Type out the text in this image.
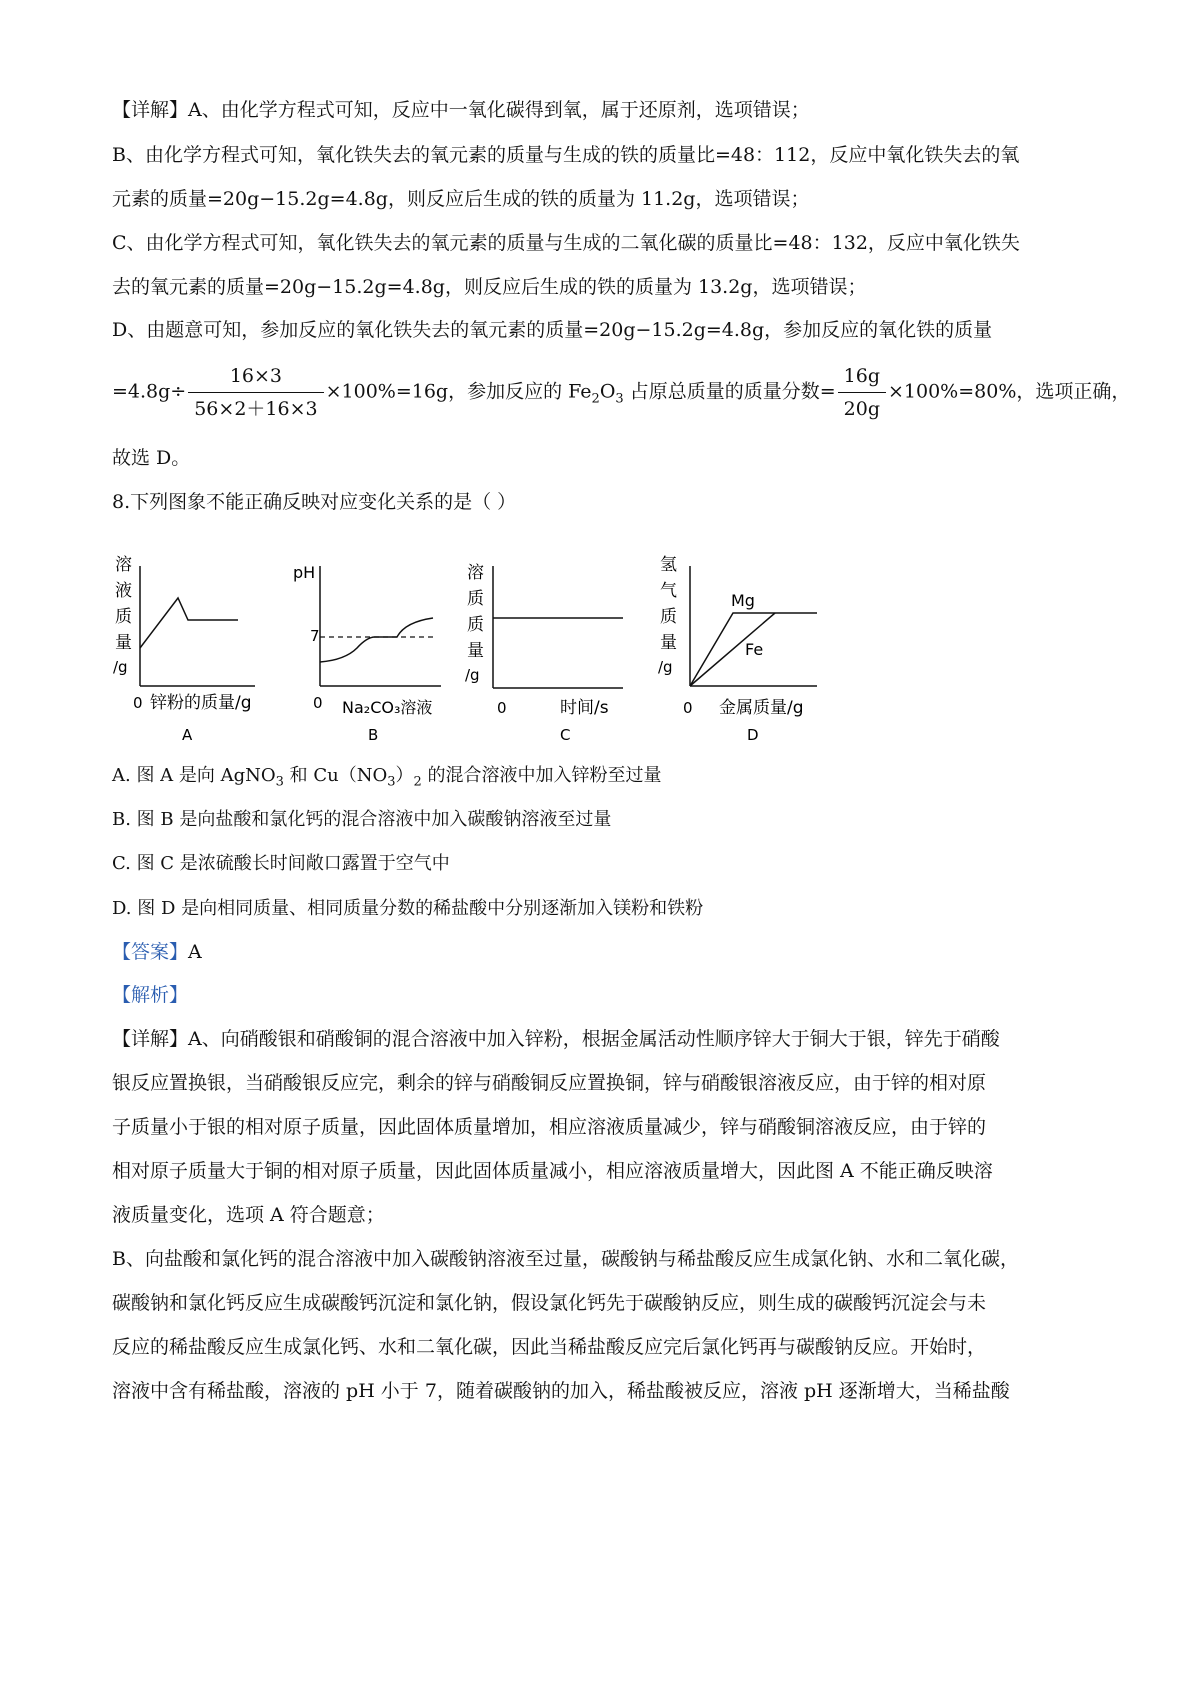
【详解】A、由化学方程式可知，反应中一氧化碳得到氧，属于还原剂，选项错误；
B、由化学方程式可知，氧化铁失去的氧元素的质量与生成的铁的质量比=48：112，反应中氧化铁失去的氧
元素的质量=20g−15.2g=4.8g，则反应后生成的铁的质量为 11.2g，选项错误；
C、由化学方程式可知，氧化铁失去的氧元素的质量与生成的二氧化碳的质量比=48：132，反应中氧化铁失
去的氧元素的质量=20g−15.2g=4.8g，则反应后生成的铁的质量为 13.2g，选项错误；
D、由题意可知，参加反应的氧化铁失去的氧元素的质量=20g−15.2g=4.8g，参加反应的氧化铁的质量
$=4.8g\div \frac{16\times 3}{56\times 2+16\times 3} \times 100\%=16g$，参加反应的 $Fe_2O_3$ 占原总质量的质量分数= $\frac{16g}{20g} \times 100\%=80\%$，选项正确，
故选 D。
8.下列图象不能正确反映对应变化关系的是（ ）
溶
液
质
量
/g
0 锌粉的质量/g
A
pH
7
0 Na₂CO₃溶液
B
溶
质
质
量
/g
0	时间/s
C
氢
气
质
量
/g
Mg
Fe
0 金属质量/g
D
A. 图 A 是向 AgNO$_3$ 和 $Cu(NO_3)_2$ 的混合溶液中加入锌粉至过量
B. 图 B 是向盐酸和氯化钙的混合溶液中加入碳酸钠溶液至过量
C. 图 C 是浓硫酸长时间敞口露置于空气中
D. 图 D 是向相同质量、相同质量分数的稀盐酸中分别逐渐加入镁粉和铁粉
【答案】A
【解析】
【详解】A、向硝酸银和硝酸铜的混合溶液中加入锌粉，根据金属活动性顺序锌大于铜大于银，锌先于硝酸
银反应置换银，当硝酸银反应完，剩余的锌与硝酸铜反应置换铜，锌与硝酸银溶液反应，由于锌的相对原
子质量小于银的相对原子质量，因此固体质量增加，相应溶液质量减少，锌与硝酸铜溶液反应，由于锌的
相对原子质量大于铜的相对原子质量，因此固体质量减小，相应溶液质量增大，因此图 A 不能正确反映溶
液质量变化，选项 A 符合题意；
B、向盐酸和氯化钙的混合溶液中加入碳酸钠溶液至过量，碳酸钠与稀盐酸反应生成氯化钠、水和二氧化碳，
碳酸钠和氯化钙反应生成碳酸钙沉淀和氯化钠，假设氯化钙先于碳酸钠反应，则生成的碳酸钙沉淀会与未
反应的稀盐酸反应生成氯化钙、水和二氧化碳，因此当稀盐酸反应完后氯化钙再与碳酸钠反应。开始时，
溶液中含有稀盐酸，溶液的 pH 小于 7，随着碳酸钠的加入，稀盐酸被反应，溶液 pH 逐渐增大，当稀盐酸
